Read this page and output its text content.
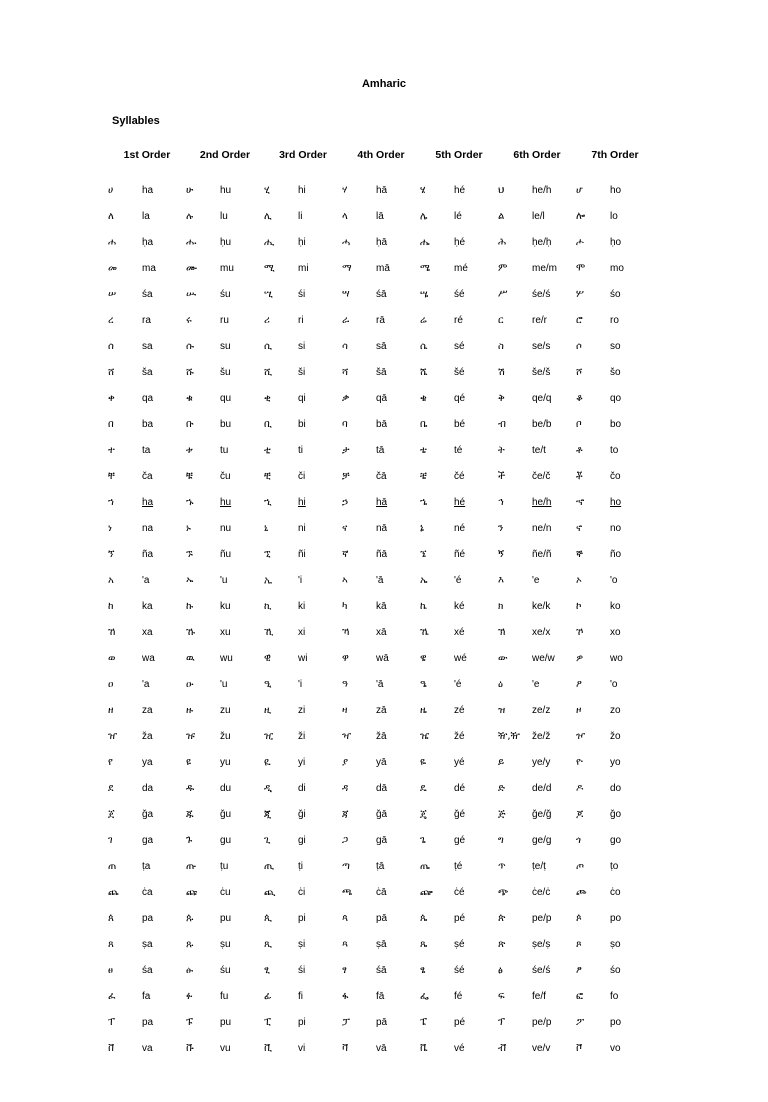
Amharic
Syllables
1st Order		2nd Order		3rd Order		4th Order		5th Order		6th Order		7th Order	
ሀ	ha	ሁ	hu	ሂ	hi	ሃ	hā	ሄ	hé	ህ	he/h	ሆ	ho
ለ	la	ሉ	lu	ሊ	li	ላ	lā	ሌ	lé	ል	le/l	ሎ	lo
ሐ	ḥa	ሑ	ḥu	ሒ	ḥi	ሓ	ḥā	ሔ	ḥé	ሕ	ḥe/ḥ	ሖ	ḥo
መ	ma	ሙ	mu	ሚ	mi	ማ	mā	ሜ	mé	ም	me/m	ሞ	mo
ሠ	śa	ሡ	śu	ሢ	śi	ሣ	śā	ሤ	śé	ሥ	śe/ś	ሦ	śo
ረ	ra	ሩ	ru	ሪ	ri	ራ	rā	ሬ	ré	ር	re/r	ሮ	ro
ሰ	sa	ሱ	su	ሲ	si	ሳ	sā	ሴ	sé	ስ	se/s	ሶ	so
ሸ	ša	ሹ	šu	ሺ	ši	ሻ	šā	ሼ	šé	ሽ	še/š	ሾ	šo
ቀ	qa	ቁ	qu	ቂ	qi	ቃ	qā	ቄ	qé	ቅ	qe/q	ቆ	qo
በ	ba	ቡ	bu	ቢ	bi	ባ	bā	ቤ	bé	ብ	be/b	ቦ	bo
ተ	ta	ቱ	tu	ቲ	ti	ታ	tā	ቴ	té	ት	te/t	ቶ	to
ቸ	ča	ቹ	ču	ቺ	či	ቻ	čā	ቼ	čé	ች	če/č	ቾ	čo
ኀ	ha	ኁ	hu	ኂ	hi	ኃ	hā	ኄ	hé	ኅ	he/h	ኆ	ho
ነ	na	ኑ	nu	ኒ	ni	ና	nā	ኔ	né	ን	ne/n	ኖ	no
ኘ	ña	ኙ	ñu	ኚ	ñi	ኛ	ñā	ኜ	ñé	ኝ	ñe/ñ	ኞ	ño
አ	'a	ኡ	'u	ኢ	'i	ኣ	'ā	ኤ	'é	እ	'e	ኦ	'o
ከ	ka	ኩ	ku	ኪ	ki	ካ	kā	ኬ	ké	ክ	ke/k	ኮ	ko
ኸ	xa	ኹ	xu	ኺ	xi	ኻ	xā	ኼ	xé	ኽ	xe/x	ኾ	xo
ወ	wa	ዉ	wu	ዊ	wi	ዋ	wā	ዌ	wé	ው	we/w	ዎ	wo
ዐ	'a	ዑ	'u	ዒ	'i	ዓ	'ā	ዔ	'é	ዕ	'e	ዖ	'o
ዘ	za	ዙ	zu	ዚ	zi	ዛ	zā	ዜ	zé	ዝ	ze/z	ዞ	zo
ዠ	ža	ዡ	žu	ዢ	ži	ዣ	žā	ዤ	žé	ዥ,ዥ	že/ž	ዦ	žo
የ	ya	ዩ	yu	ዪ	yi	ያ	yā	ዬ	yé	ይ	ye/y	ዮ	yo
ደ	da	ዱ	du	ዲ	di	ዳ	dā	ዴ	dé	ድ	de/d	ዶ	do
ጀ	ǧa	ጁ	ǧu	ጂ	ǧi	ጃ	ǧā	ጄ	ǧé	ጅ	ǧe/ǧ	ጆ	ǧo
ገ	ga	ጉ	gu	ጊ	gi	ጋ	gā	ጌ	gé	ግ	ge/g	ጎ	go
ጠ	ṭa	ጡ	ṭu	ጢ	ṭi	ጣ	ṭā	ጤ	ṭé	ጥ	ṭe/ṭ	ጦ	ṭo
ጨ	ċa	ጩ	ċu	ጪ	ċi	ጫ	ċā	ጬ	ċé	ጭ	ċe/ċ	ጮ	ċo
ጰ	pa	ጱ	pu	ጲ	pi	ጳ	pā	ጴ	pé	ጵ	pe/p	ጶ	po
ጸ	ṣa	ጹ	ṣu	ጺ	ṣi	ጻ	ṣā	ጼ	ṣé	ጽ	ṣe/ṣ	ጾ	ṣo
ፀ	śa	ፁ	śu	ፂ	śi	ፃ	śā	ፄ	śé	ፅ	śe/ś	ፆ	śo
ፈ	fa	ፉ	fu	ፊ	fi	ፋ	fā	ፌ	fé	ፍ	fe/f	ፎ	fo
ፐ	pa	ፑ	pu	ፒ	pi	ፓ	pā	ፔ	pé	ፕ	pe/p	ፖ	po
ቨ	va	ቩ	vu	ቪ	vi	ቫ	vā	ቬ	vé	ቭ	ve/v	ቮ	vo
